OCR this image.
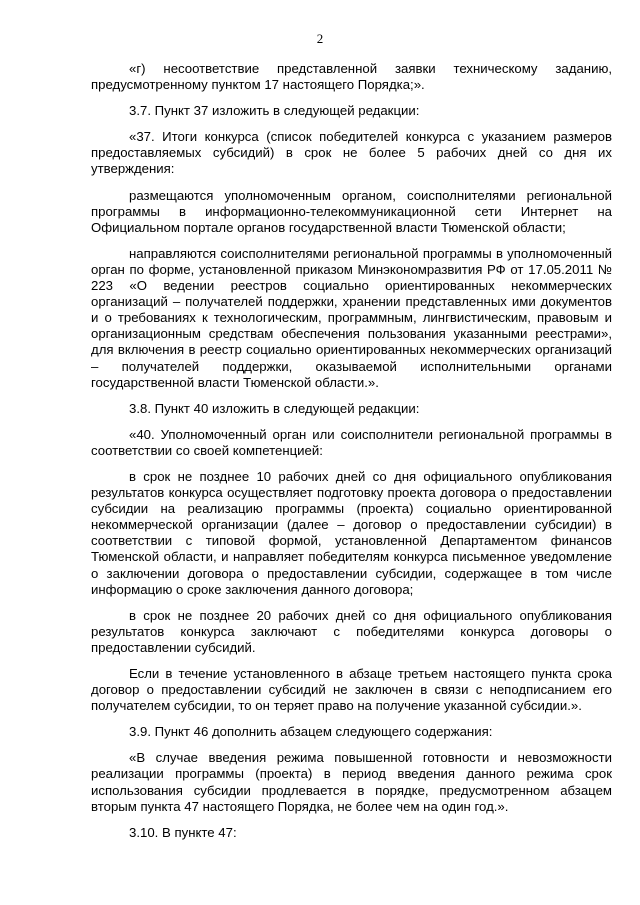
2

«г) несоответствие представленной заявки техническому заданию, предусмотренному пунктом 17 настоящего Порядка;».

3.7. Пункт 37 изложить в следующей редакции:

«37. Итоги конкурса (список победителей конкурса с указанием размеров предоставляемых субсидий) в срок не более 5 рабочих дней со дня их утверждения:

размещаются уполномоченным органом, соисполнителями региональной программы в информационно-телекоммуникационной сети Интернет на Официальном портале органов государственной власти Тюменской области;

направляются соисполнителями региональной программы в уполномоченный орган по форме, установленной приказом Минэкономразвития РФ от 17.05.2011 № 223 «О ведении реестров социально ориентированных некоммерческих организаций – получателей поддержки, хранении представленных ими документов и о требованиях к технологическим, программным, лингвистическим, правовым и организационным средствам обеспечения пользования указанными реестрами», для включения в реестр социально ориентированных некоммерческих организаций – получателей поддержки, оказываемой исполнительными органами государственной власти Тюменской области.».

3.8. Пункт 40 изложить в следующей редакции:

«40. Уполномоченный орган или соисполнители региональной программы в соответствии со своей компетенцией:

в срок не позднее 10 рабочих дней со дня официального опубликования результатов конкурса осуществляет подготовку проекта договора о предоставлении субсидии на реализацию программы (проекта) социально ориентированной некоммерческой организации (далее – договор о предоставлении субсидии) в соответствии с типовой формой, установленной Департаментом финансов Тюменской области, и направляет победителям конкурса письменное уведомление о заключении договора о предоставлении субсидии, содержащее в том числе информацию о сроке заключения данного договора;

в срок не позднее 20 рабочих дней со дня официального опубликования результатов конкурса заключают с победителями конкурса договоры о предоставлении субсидий.

Если в течение установленного в абзаце третьем настоящего пункта срока договор о предоставлении субсидий не заключен в связи с неподписанием его получателем субсидии, то он теряет право на получение указанной субсидии.».

3.9. Пункт 46 дополнить абзацем следующего содержания:

«В случае введения режима повышенной готовности и невозможности реализации программы (проекта) в период введения данного режима срок использования субсидии продлевается в порядке, предусмотренном абзацем вторым пункта 47 настоящего Порядка, не более чем на один год.».

3.10. В пункте 47:
